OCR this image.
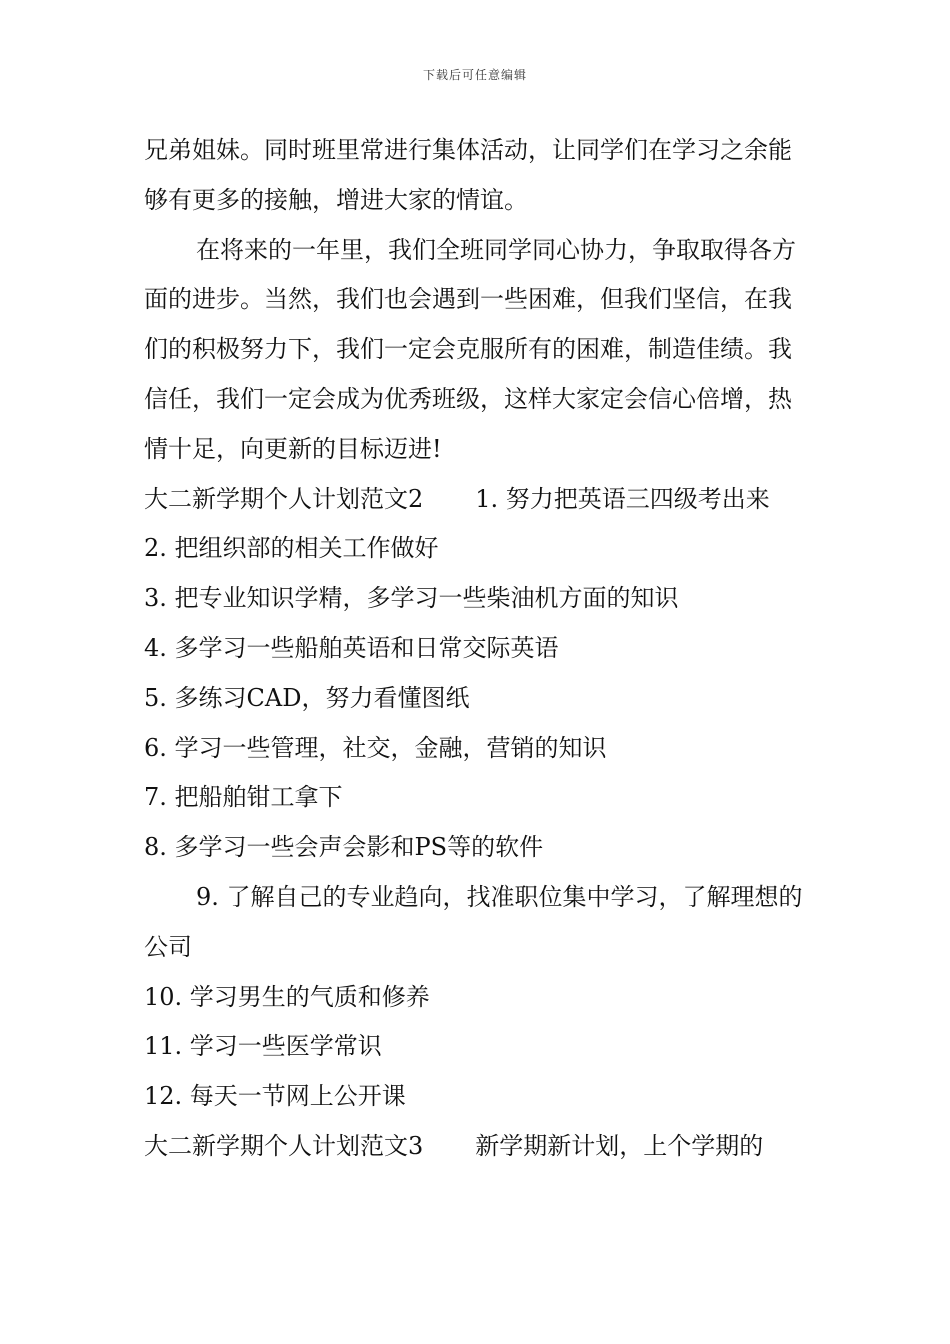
下载后可任意编辑

兄弟姐妹。同时班里常进行集体活动，让同学们在学习之余能够有更多的接触，增进大家的情谊。

在将来的一年里，我们全班同学同心协力，争取取得各方面的进步。当然，我们也会遇到一些困难，但我们坚信，在我们的积极努力下，我们一定会克服所有的困难，制造佳绩。我信任，我们一定会成为优秀班级，这样大家定会信心倍增，热情十足，向更新的目标迈进!

大二新学期个人计划范文2 1. 努力把英语三四级考出来

2. 把组织部的相关工作做好

3. 把专业知识学精，多学习一些柴油机方面的知识

4. 多学习一些船舶英语和日常交际英语

5. 多练习CAD，努力看懂图纸

6. 学习一些管理，社交，金融，营销的知识

7. 把船舶钳工拿下

8. 多学习一些会声会影和PS等的软件

9. 了解自己的专业趋向，找准职位集中学习，了解理想的公司

10. 学习男生的气质和修养

11. 学习一些医学常识

12. 每天一节网上公开课

大二新学期个人计划范文3 新学期新计划，上个学期的
